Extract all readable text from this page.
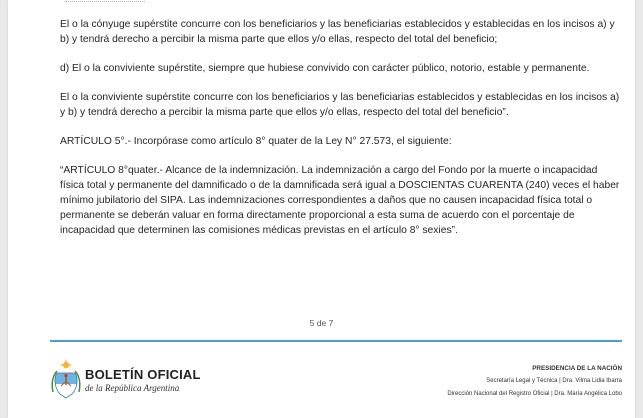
El o la cónyuge supérstite concurre con los beneficiarios y las beneficiarias establecidos y establecidas en los incisos a) y b) y tendrá derecho a percibir la misma parte que ellos y/o ellas, respecto del total del beneficio;

d) El o la conviviente supérstite, siempre que hubiese convivido con carácter público, notorio, estable y permanente.

El o la conviviente supérstite concurre con los beneficiarios y las beneficiarias establecidos y establecidas en los incisos a) y b) y tendrá derecho a percibir la misma parte que ellos y/o ellas, respecto del total del beneficio”.

ARTÍCULO 5°.- Incorpórase como artículo 8° quater de la Ley N° 27.573, el siguiente:

“ARTÍCULO 8°quater.- Alcance de la indemnización. La indemnización a cargo del Fondo por la muerte o incapacidad física total y permanente del damnificado o de la damnificada será igual a DOSCIENTAS CUARENTA (240) veces el haber mínimo jubilatorio del SIPA. Las indemnizaciones correspondientes a daños que no causen incapacidad física total o permanente se deberán valuar en forma directamente proporcional a esta suma de acuerdo con el porcentaje de incapacidad que determinen las comisiones médicas previstas en el artículo 8° sexies”.

5 de 7
BOLETÍN OFICIAL
de la República Argentina
PRESIDENCIA DE LA NACIÓN
Secretaría Legal y Técnica | Dra. Vilma Lidia Ibarra
Dirección Nacional del Registro Oficial | Dra. María Angélica Lobo
